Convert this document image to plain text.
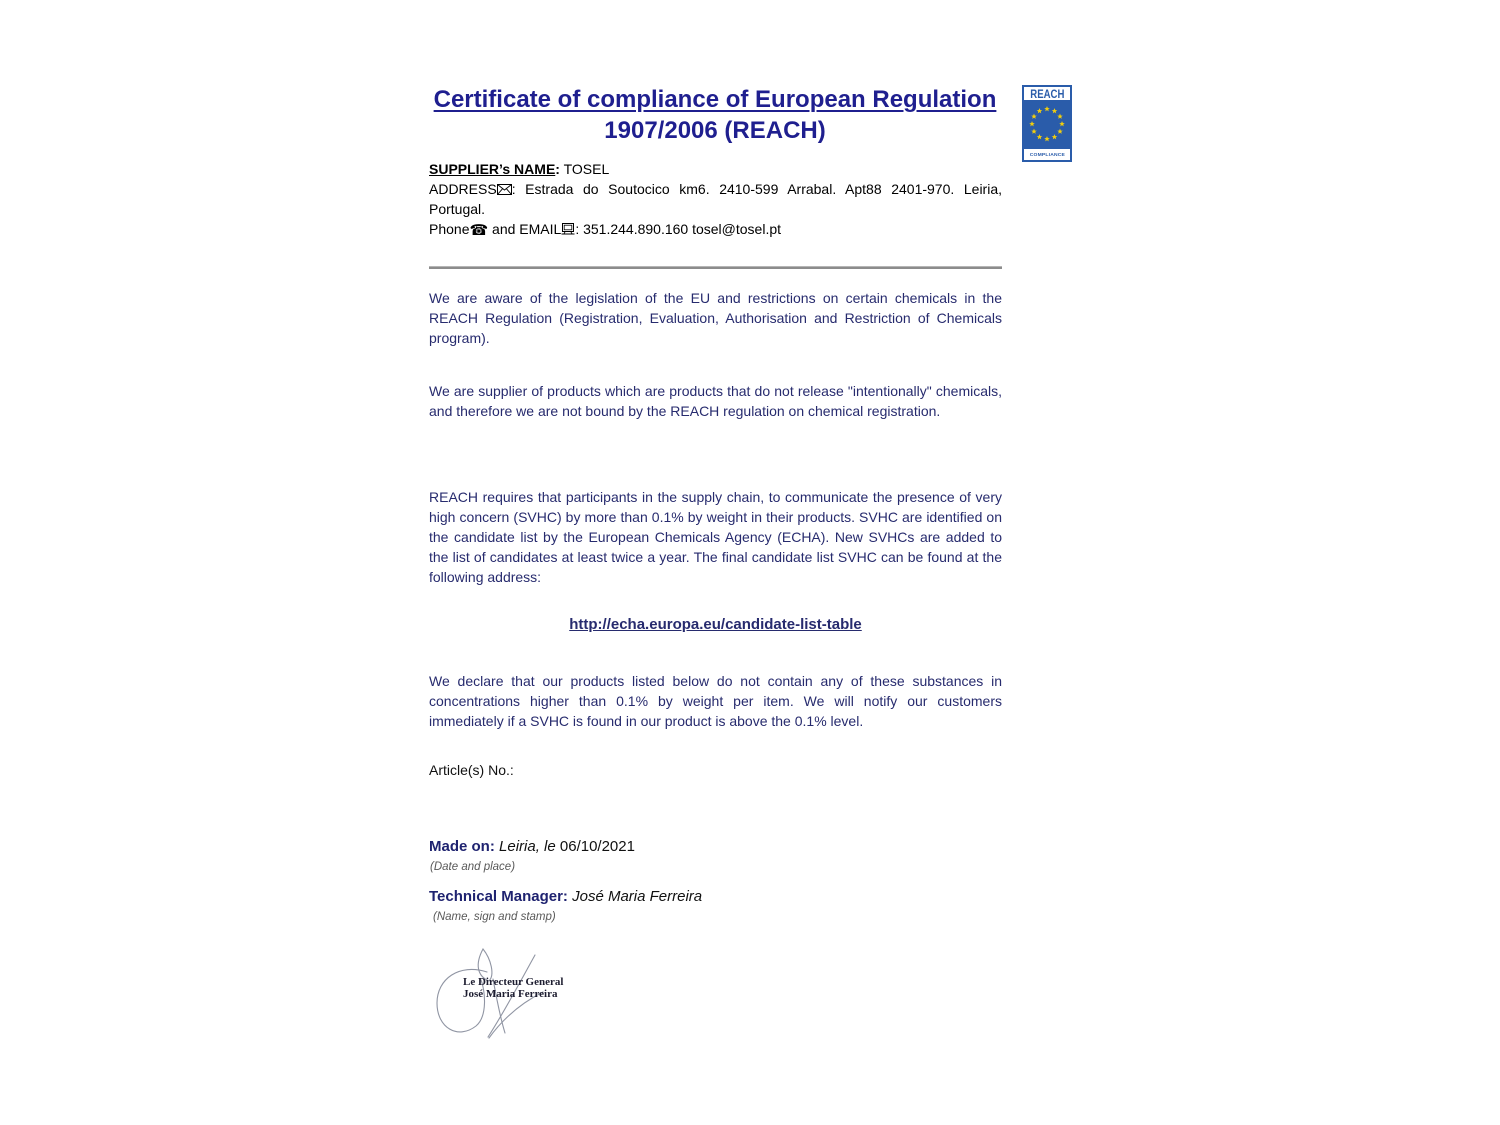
Certificate of compliance of European Regulation
1907/2006 (REACH)
REACH
COMPLIANCE
SUPPLIER’s NAME: TOSEL
ADDRESS : Estrada do Soutocico km6. 2410-599 Arrabal. Apt88 2401-970. Leiria, Portugal.
Phone☎ and EMAIL : 351.244.890.160 tosel@tosel.pt
We are aware of the legislation of the EU and restrictions on certain chemicals in the REACH Regulation (Registration, Evaluation, Authorisation and Restriction of Chemicals program).
We are supplier of products which are products that do not release "intentionally" chemicals, and therefore we are not bound by the REACH regulation on chemical registration.
REACH requires that participants in the supply chain, to communicate the presence of very high concern (SVHC) by more than 0.1% by weight in their products. SVHC are identified on the candidate list by the European Chemicals Agency (ECHA). New SVHCs are added to the list of candidates at least twice a year. The final candidate list SVHC can be found at the following address:
http://echa.europa.eu/candidate-list-table
We declare that our products listed below do not contain any of these substances in concentrations higher than 0.1% by weight per item. We will notify our customers immediately if a SVHC is found in our product is above the 0.1% level.
Article(s) No.:
Made on: Leiria, le 06/10/2021
(Date and place)
Technical Manager: José Maria Ferreira
(Name, sign and stamp)
Le Directeur General
José Maria Ferreira
